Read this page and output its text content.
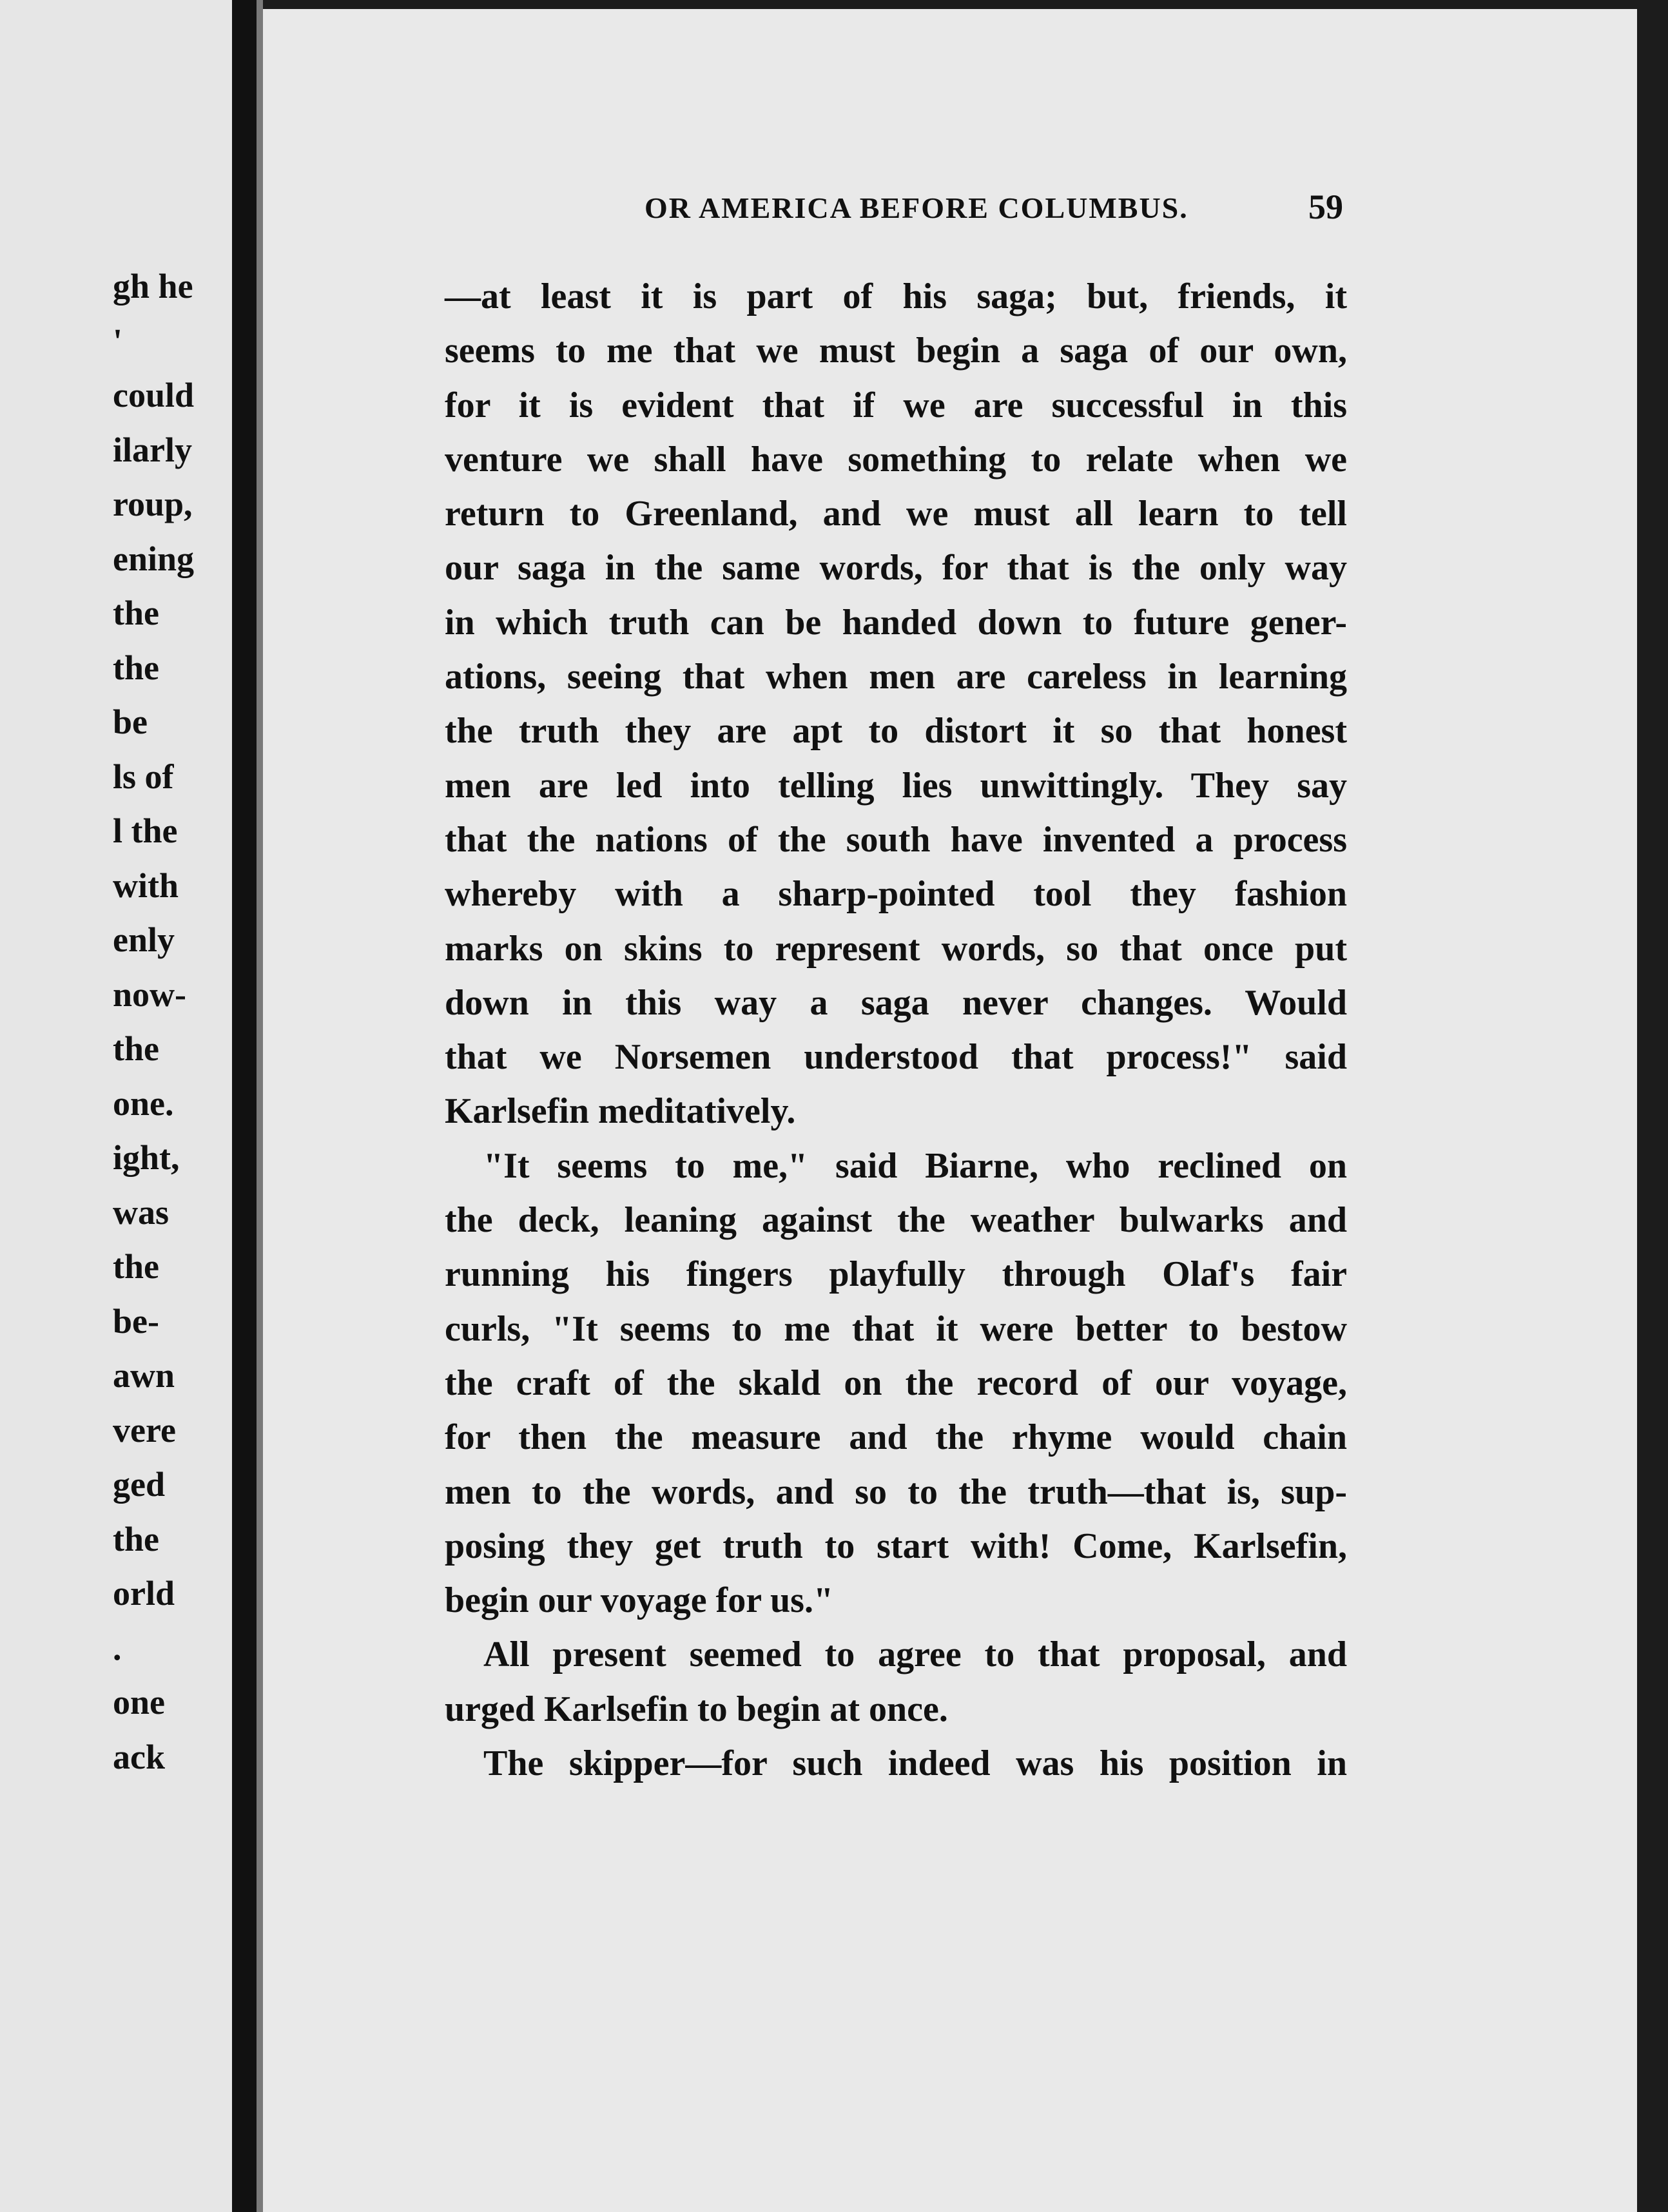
gh he
'
could
ilarly
roup,
ening
the
the
be
ls of
l the
with
enly
now-
the
one.
ight,
was
the
be-
awn
vere
ged
the
orld
.
one
ack
OR AMERICA BEFORE COLUMBUS.	59
—at least it is part of his saga; but, friends, it
seems to me that we must begin a saga of our own,
for it is evident that if we are successful in this
venture we shall have something to relate when we
return to Greenland, and we must all learn to tell
our saga in the same words, for that is the only way
in which truth can be handed down to future gener-
ations, seeing that when men are careless in learning
the truth they are apt to distort it so that honest
men are led into telling lies unwittingly. They say
that the nations of the south have invented a process
whereby with a sharp-pointed tool they fashion
marks on skins to represent words, so that once put
down in this way a saga never changes. Would
that we Norsemen understood that process!" said
Karlsefin meditatively.
"It seems to me," said Biarne, who reclined on
the deck, leaning against the weather bulwarks and
running his fingers playfully through Olaf's fair
curls, "It seems to me that it were better to bestow
the craft of the skald on the record of our voyage,
for then the measure and the rhyme would chain
men to the words, and so to the truth—that is, sup-
posing they get truth to start with! Come, Karlsefin,
begin our voyage for us."
All present seemed to agree to that proposal, and
urged Karlsefin to begin at once.
The skipper—for such indeed was his position in
